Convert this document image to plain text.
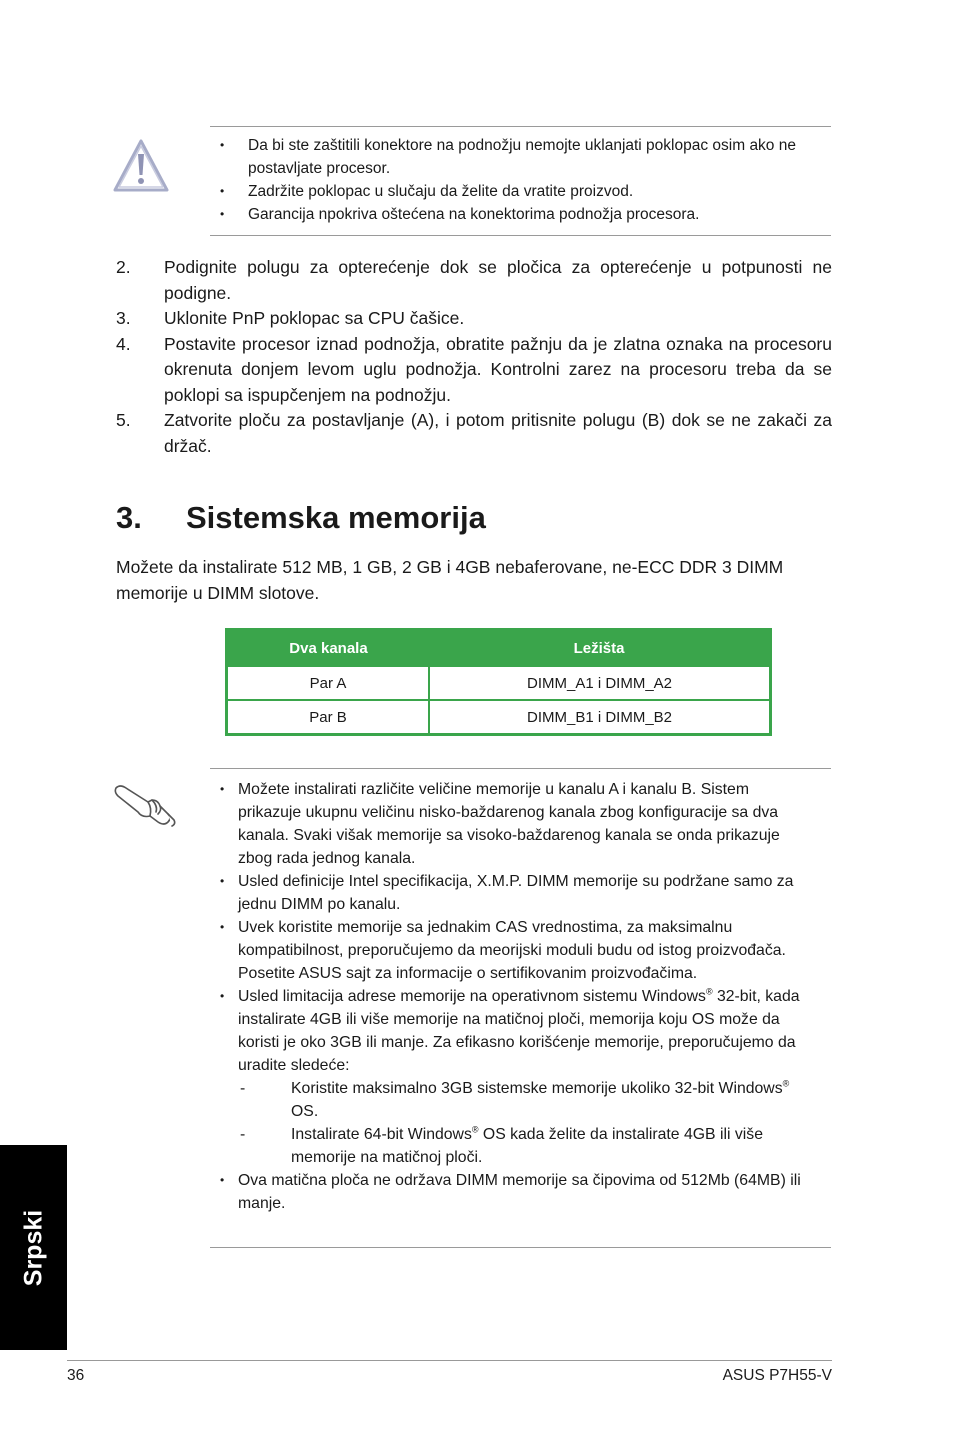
• Da bi ste zaštitili konektore na podnožju nemojte uklanjati poklopac osim ako ne postavljate procesor.
• Zadržite poklopac u slučaju da želite da vratite proizvod.
• Garancija npokriva oštećena na konektorima podnožja procesora.
2.	Podignite polugu za opterećenje dok se pločica za opterećenje u potpunosti ne podigne.
3.	Uklonite PnP poklopac sa CPU čašice.
4.	Postavite procesor iznad podnožja, obratite pažnju da je zlatna oznaka na procesoru okrenuta donjem levom uglu podnožja. Kontrolni zarez na procesoru treba da se poklopi sa ispupčenjem na podnožju.
5.	Zatvorite ploču za postavljanje (A), i potom pritisnite polugu (B) dok se ne zakači za držač.
3.	Sistemska memorija

Možete da instalirate 512 MB, 1 GB, 2 GB i 4GB nebaferovane, ne-ECC DDR 3 DIMM memorije u DIMM slotove.

Dva kanala	Ležišta
Par A	DIMM_A1 i DIMM_A2
Par B	DIMM_B1 i DIMM_B2
• Možete instalirati različite veličine memorije u kanalu A i kanalu B. Sistem prikazuje ukupnu veličinu nisko-baždarenog kanala zbog konfiguracije sa dva kanala. Svaki višak memorije sa visoko-baždarenog kanala se onda prikazuje zbog rada jednog kanala.
• Usled definicije Intel specifikacija, X.M.P. DIMM memorije su podržane samo za jednu DIMM po kanalu.
• Uvek koristite memorije sa jednakim CAS vrednostima, za maksimalnu kompatibilnost, preporučujemo da meorijski moduli budu od istog proizvođača. Posetite ASUS sajt za informacije o sertifikovanim proizvođačima.
• Usled limitacija adrese memorije na operativnom sistemu Windows® 32-bit, kada instalirate 4GB ili više memorije na matičnoj ploči, memorija koju OS može da koristi je oko 3GB ili manje. Za efikasno korišćenje memorije, preporučujemo da uradite sledeće:
-	Koristite maksimalno 3GB sistemske memorije ukoliko 32-bit Windows® OS.
-	Instalirate 64-bit Windows® OS kada želite da instalirate 4GB ili više memorije na matičnoj ploči.
• Ova matična ploča ne održava DIMM memorije sa čipovima od 512Mb (64MB) ili manje.
Srpski
36	ASUS P7H55-V
